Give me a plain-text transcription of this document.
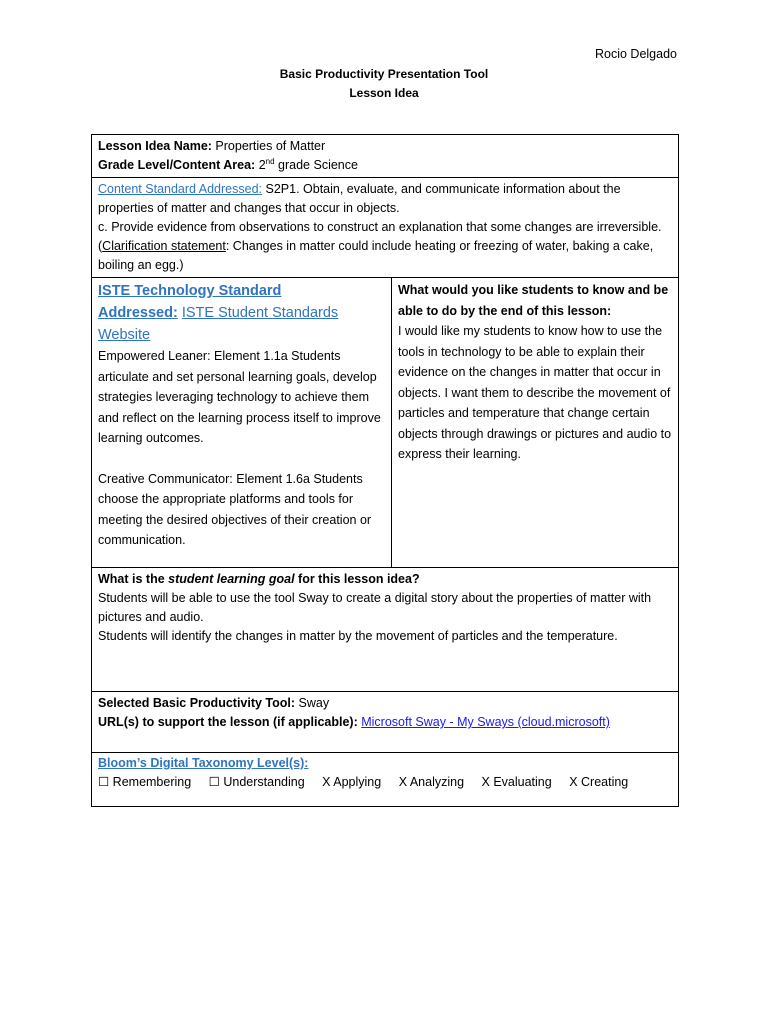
Rocio Delgado
Basic Productivity Presentation Tool
Lesson Idea
Lesson Idea Name: Properties of Matter
Grade Level/Content Area: 2nd grade Science
Content Standard Addressed: S2P1. Obtain, evaluate, and communicate information about the properties of matter and changes that occur in objects.
c. Provide evidence from observations to construct an explanation that some changes are irreversible. (Clarification statement: Changes in matter could include heating or freezing of water, baking a cake, boiling an egg.)
ISTE Technology Standard
Addressed: ISTE Student Standards Website
Empowered Leaner: Element 1.1a Students articulate and set personal learning goals, develop strategies leveraging technology to achieve them and reflect on the learning process itself to improve learning outcomes.
Creative Communicator: Element 1.6a Students choose the appropriate platforms and tools for meeting the desired objectives of their creation or communication.
What would you like students to know and be able to do by the end of this lesson:
I would like my students to know how to use the tools in technology to be able to explain their evidence on the changes in matter that occur in objects. I want them to describe the movement of particles and temperature that change certain objects through drawings or pictures and audio to express their learning.
What is the student learning goal for this lesson idea?
Students will be able to use the tool Sway to create a digital story about the properties of matter with pictures and audio.
Students will identify the changes in matter by the movement of particles and the temperature.
Selected Basic Productivity Tool: Sway
URL(s) to support the lesson (if applicable): Microsoft Sway - My Sways (cloud.microsoft)
Bloom’s Digital Taxonomy Level(s):
☐ Remembering ☐ Understanding X Applying X Analyzing X Evaluating X Creating
